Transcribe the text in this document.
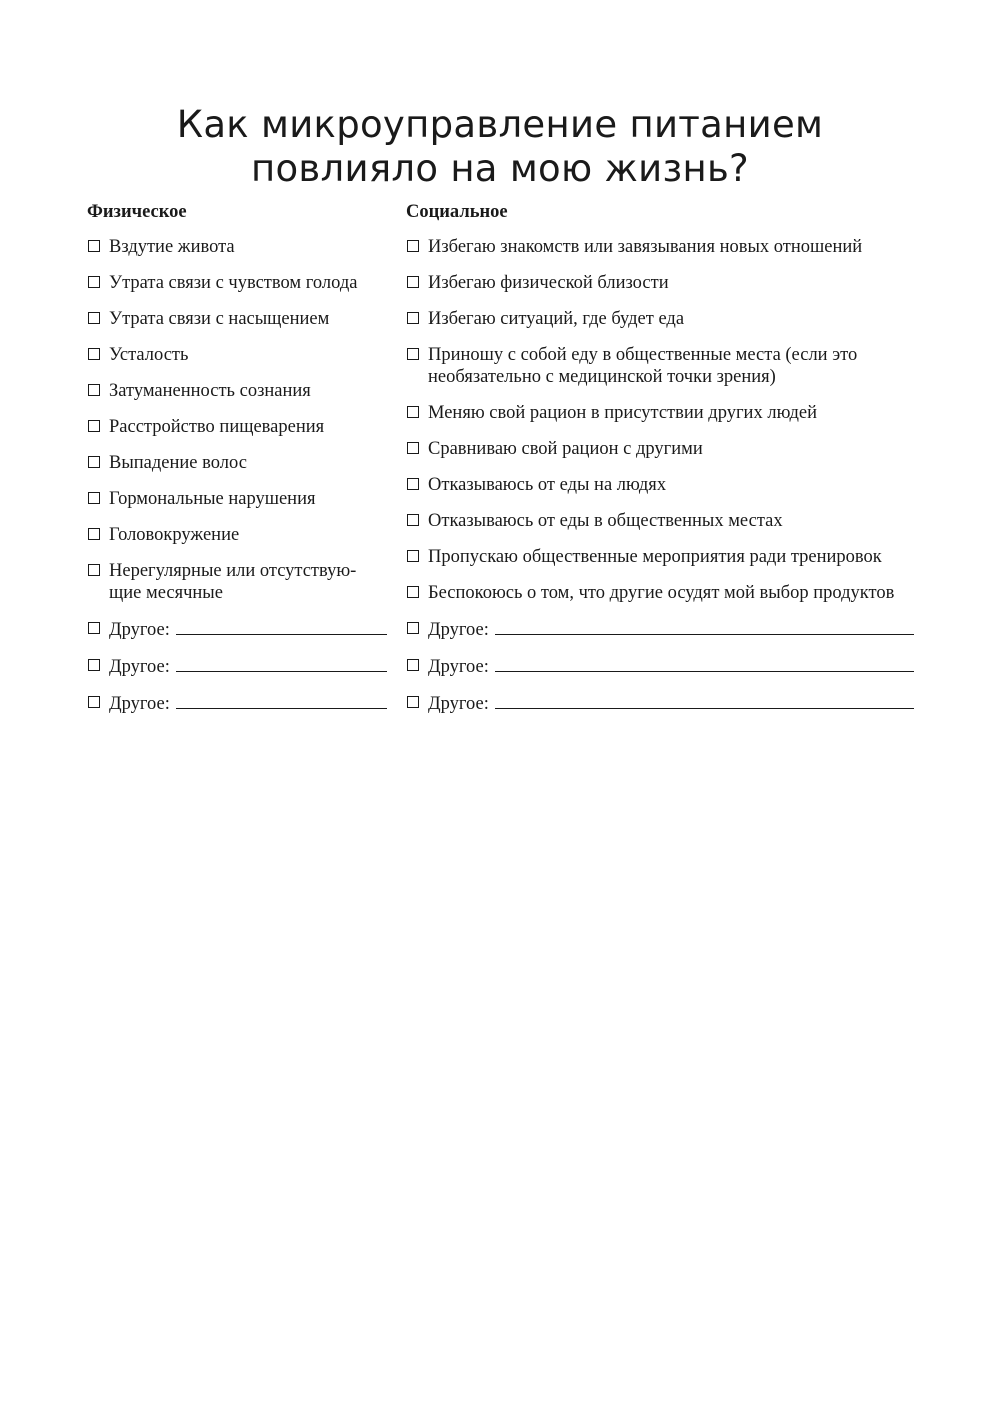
Как микроуправление питанием
повлияло на мою жизнь?
Физическое
Вздутие живота
Утрата связи с чувством голода
Утрата связи с насыщением
Усталость
Затуманенность сознания
Расстройство пищеварения
Выпадение волос
Гормональные нарушения
Головокружение
Нерегулярные или отсутствую-
щие месячные
Другое:
Другое:
Другое:
Социальное
Избегаю знакомств или завязывания новых отношений
Избегаю физической близости
Избегаю ситуаций, где будет еда
Приношу с собой еду в общественные места (если это
необязательно с медицинской точки зрения)
Меняю свой рацион в присутствии других людей
Сравниваю свой рацион с другими
Отказываюсь от еды на людях
Отказываюсь от еды в общественных местах
Пропускаю общественные мероприятия ради тренировок
Беспокоюсь о том, что другие осудят мой выбор продуктов
Другое:
Другое:
Другое:
